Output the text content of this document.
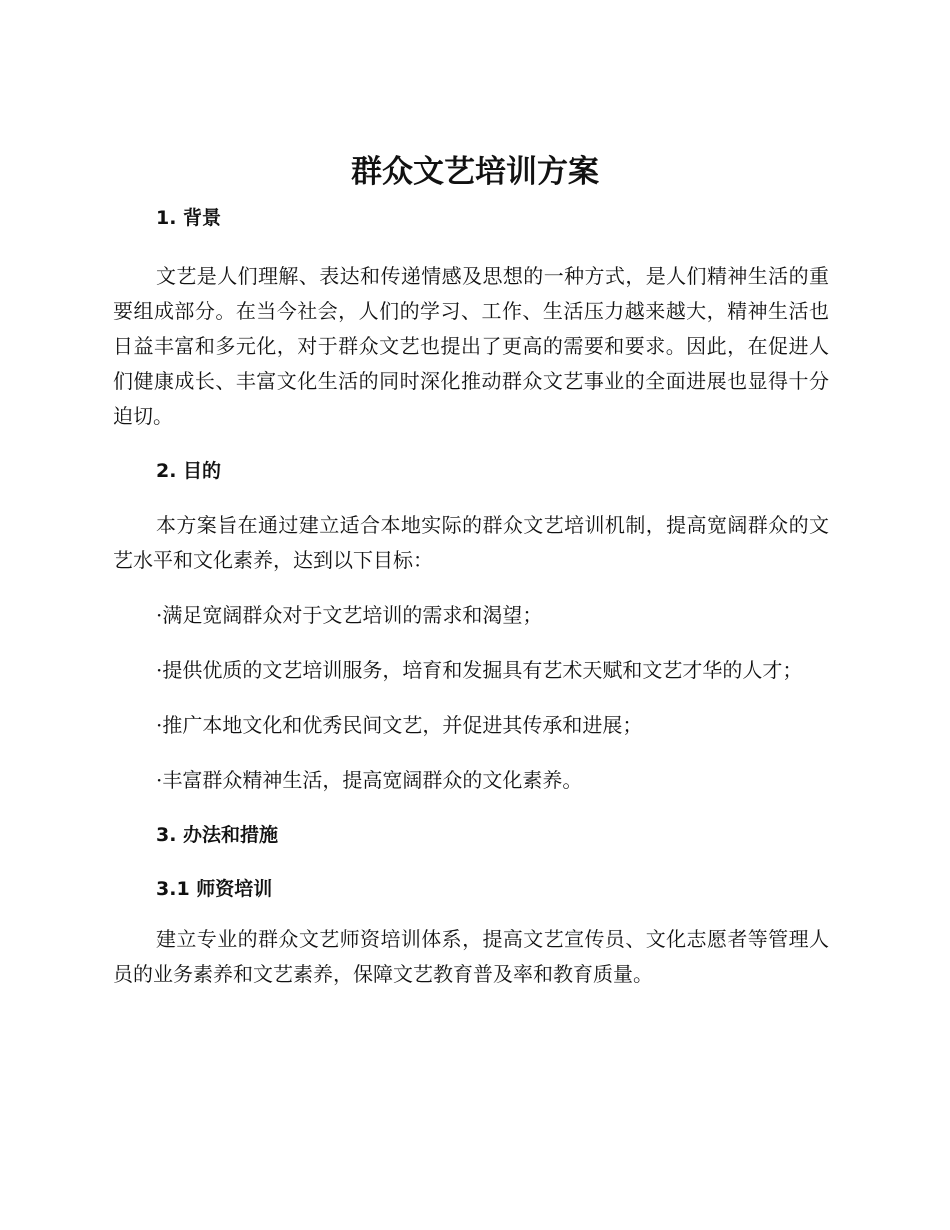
群众文艺培训方案
1. 背景

文艺是人们理解、表达和传递情感及思想的一种方式，是人们精神生活的重要组成部分。在当今社会，人们的学习、工作、生活压力越来越大，精神生活也日益丰富和多元化，对于群众文艺也提出了更高的需要和要求。因此，在促进人们健康成长、丰富文化生活的同时深化推动群众文艺事业的全面进展也显得十分迫切。

2. 目的

本方案旨在通过建立适合本地实际的群众文艺培训机制，提高宽阔群众的文艺水平和文化素养，达到以下目标：

·满足宽阔群众对于文艺培训的需求和渴望；

·提供优质的文艺培训服务，培育和发掘具有艺术天赋和文艺才华的人才；

·推广本地文化和优秀民间文艺，并促进其传承和进展；

·丰富群众精神生活，提高宽阔群众的文化素养。

3. 办法和措施
3.1 师资培训

建立专业的群众文艺师资培训体系，提高文艺宣传员、文化志愿者等管理人员的业务素养和文艺素养，保障文艺教育普及率和教育质量。
